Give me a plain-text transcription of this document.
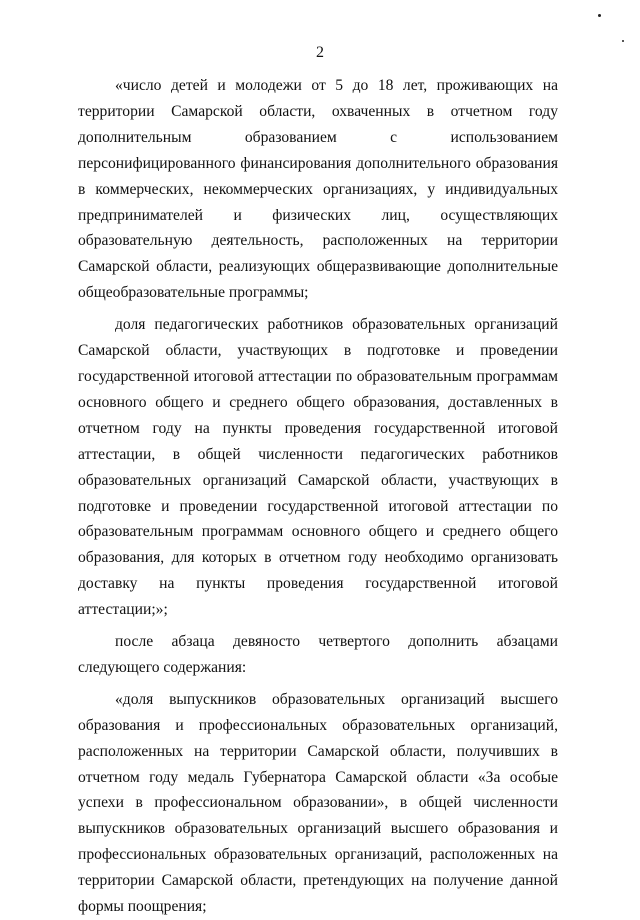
2

«число детей и молодежи от 5 до 18 лет, проживающих на территории Самарской области, охваченных в отчетном году дополнительным образованием с использованием персонифицированного финансирования дополнительного образования в коммерческих, некоммерческих организациях, у индивидуальных предпринимателей и физических лиц, осуществляющих образовательную деятельность, расположенных на территории Самарской области, реализующих общеразвивающие дополнительные общеобразовательные программы;

доля педагогических работников образовательных организаций Самарской области, участвующих в подготовке и проведении государственной итоговой аттестации по образовательным программам основного общего и среднего общего образования, доставленных в отчетном году на пункты проведения государственной итоговой аттестации, в общей численности педагогических работников образовательных организаций Самарской области, участвующих в подготовке и проведении государственной итоговой аттестации по образовательным программам основного общего и среднего общего образования, для которых в отчетном году необходимо организовать доставку на пункты проведения государственной итоговой аттестации;»;

после абзаца девяносто четвертого дополнить абзацами следующего содержания:

«доля выпускников образовательных организаций высшего образования и профессиональных образовательных организаций, расположенных на территории Самарской области, получивших в отчетном году медаль Губернатора Самарской области «За особые успехи в профессиональном образовании», в общей численности выпускников образовательных организаций высшего образования и профессиональных образовательных организаций, расположенных на территории Самарской области, претендующих на получение данной формы поощрения;
